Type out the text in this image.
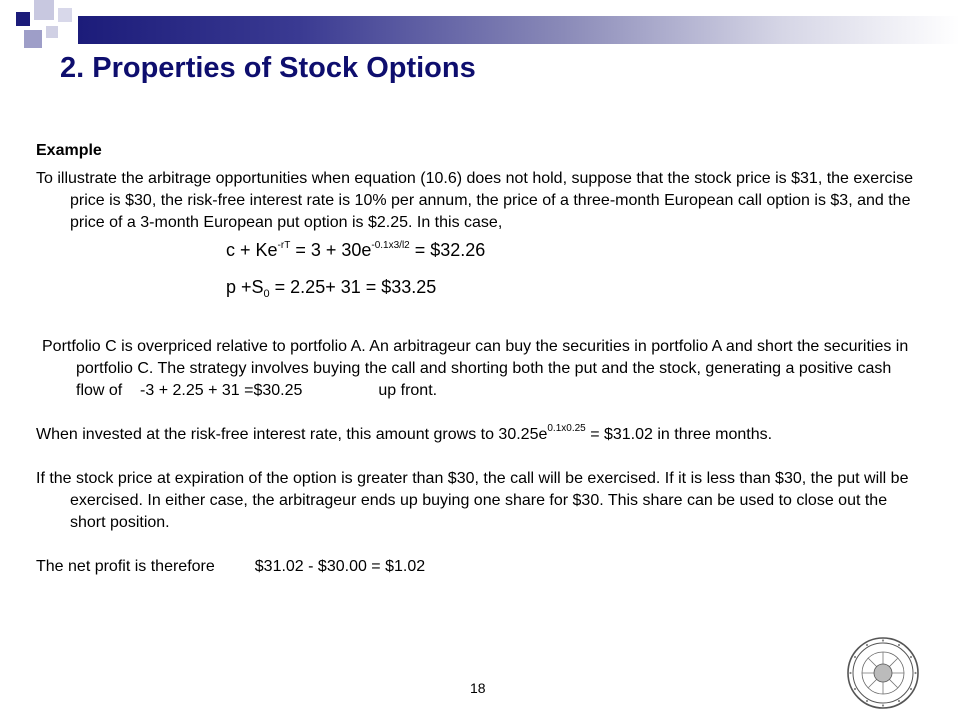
2. Properties of Stock Options

Example

To illustrate the arbitrage opportunities when equation (10.6) does not hold, suppose that the stock price is $31, the exercise price is $30, the risk-free interest rate is 10% per annum, the price of a three-month European call option is $3, and the price of a 3-month European put option is $2.25. In this case,

$c + Ke^{-rT} = 3 + 30e^{-0.1x3/l2}$ = $32.26

$p +S_0 = 2.25+ 31$ = $33.25

Portfolio C is overpriced relative to portfolio A. An arbitrageur can buy the securities in portfolio A and short the securities in portfolio C. The strategy involves buying the call and shorting both the put and the stock, generating a positive cash flow of -3 + 2.25 + 31 =$30.25	up front.

When invested at the risk-free interest rate, this amount grows to $30.25e^{0.1x0.25}$ = $31.02 in three months.

If the stock price at expiration of the option is greater than $30, the call will be exercised. If it is less than $30, the put will be exercised. In either case, the arbitrageur ends up buying one share for $30. This share can be used to close out the short position.

The net profit is therefore	$31.02 - $30.00 = $1.02

18
